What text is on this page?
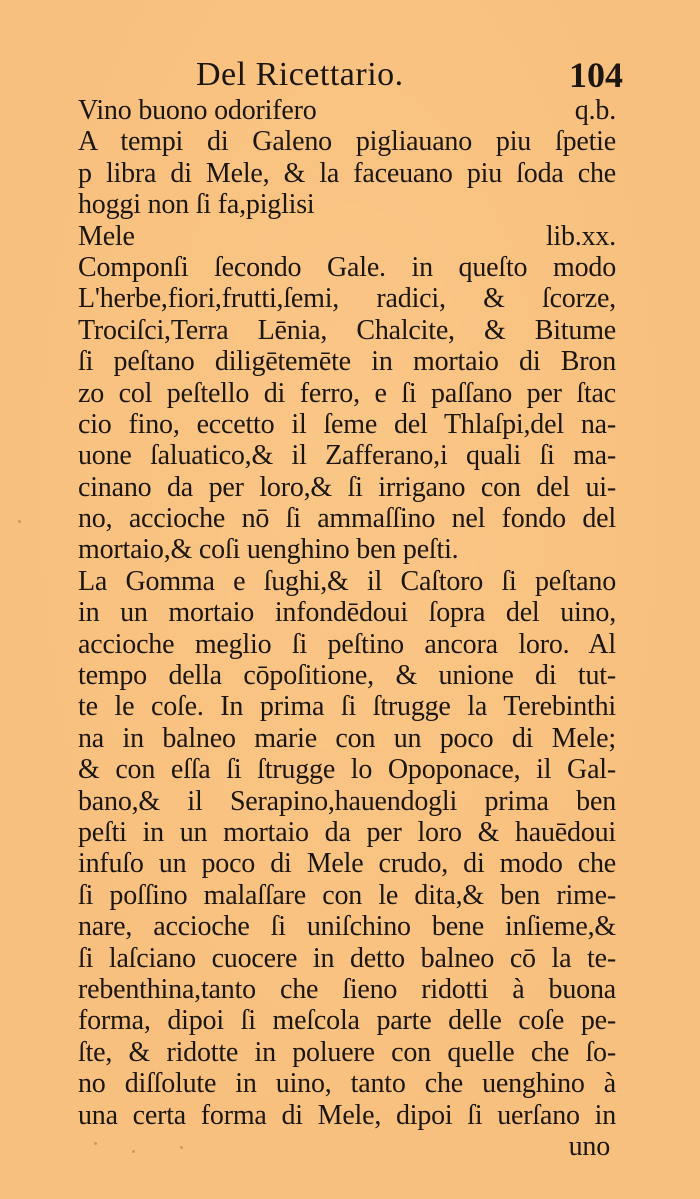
Del Ricettario.	104
Vino buono odorifero	q.b.
A tempi di Galeno pigliauano piu ſpetie
p libra di Mele, & la faceuano piu ſoda che
hoggi non ſi fa,piglisi
Mele	lib.xx.
Componſi ſecondo Gale. in queſto modo
L'herbe,fiori,frutti,ſemi, radici, & ſcorze,
Trociſci,Terra Lēnia, Chalcite, & Bitume
ſi peſtano diligētemēte in mortaio di Bron
zo col peſtello di ferro, e ſi paſſano per ſtac
cio fino, eccetto il ſeme del Thlaſpi,del na-
uone ſaluatico,& il Zafferano,i quali ſi ma-
cinano da per loro,& ſi irrigano con del ui-
no, accioche nō ſi ammaſſino nel fondo del
mortaio,& coſi uenghino ben peſti.
La Gomma e ſughi,& il Caſtoro ſi peſtano
in un mortaio infondēdoui ſopra del uino,
accioche meglio ſi peſtino ancora loro. Al
tempo della cōpoſitione, & unione di tut-
te le coſe. In prima ſi ſtrugge la Terebinthi
na in balneo marie con un poco di Mele;
& con eſſa ſi ſtrugge lo Opoponace, il Gal-
bano,& il Serapino,hauendogli prima ben
peſti in un mortaio da per loro & hauēdoui
infuſo un poco di Mele crudo, di modo che
ſi poſſino malaſſare con le dita,& ben rime-
nare, accioche ſi uniſchino bene inſieme,&
ſi laſciano cuocere in detto balneo cō la te-
rebenthina,tanto che ſieno ridotti à buona
forma, dipoi ſi meſcola parte delle coſe pe-
ſte, & ridotte in poluere con quelle che ſo-
no diſſolute in uino, tanto che uenghino à
una certa forma di Mele, dipoi ſi uerſano in
uno
